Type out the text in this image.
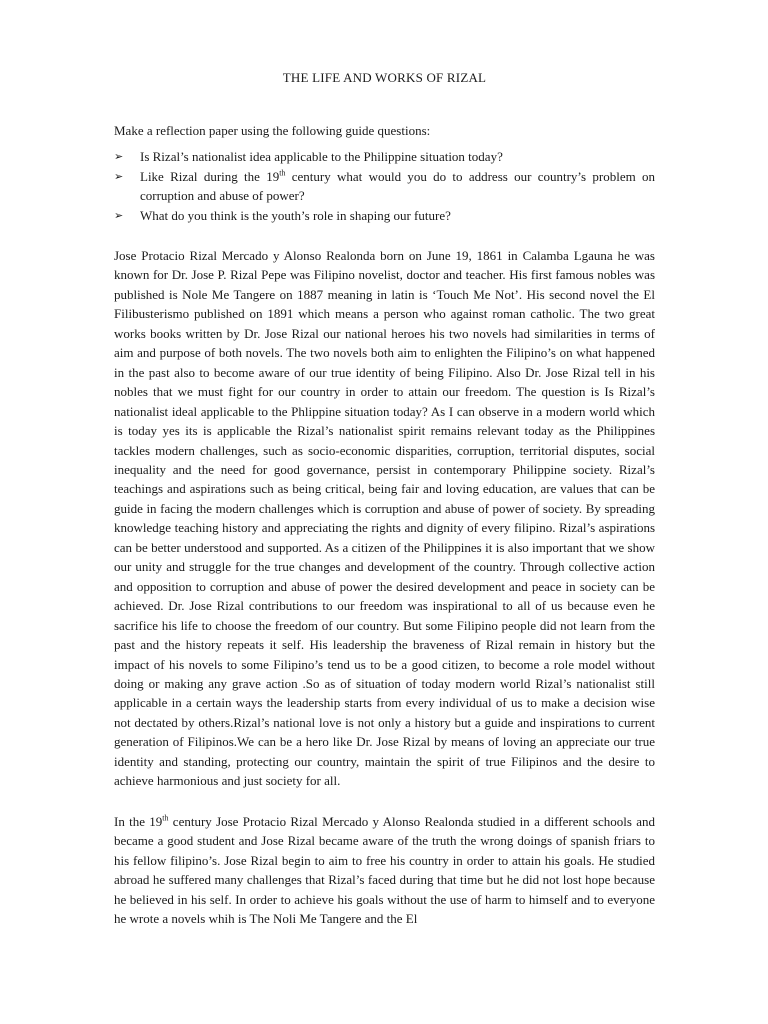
THE LIFE AND WORKS OF RIZAL

Make a reflection paper using the following guide questions:

➢ Is Rizal’s nationalist idea applicable to the Philippine situation today?
➢ Like Rizal during the 19th century what would you do to address our country’s problem on corruption and abuse of power?
➢ What do you think is the youth’s role in shaping our future?

Jose Protacio Rizal Mercado y Alonso Realonda born on June 19, 1861 in Calamba Lgauna he was known for Dr. Jose P. Rizal Pepe was Filipino novelist, doctor and teacher. His first famous nobles was published is Nole Me Tangere on 1887 meaning in latin is ‘Touch Me Not’. His second novel the El Filibusterismo published on 1891 which means a person who against roman catholic. The two great works books written by Dr. Jose Rizal our national heroes his two novels had similarities in terms of aim and purpose of both novels. The two novels both aim to enlighten the Filipino’s on what happened in the past also to become aware of our true identity of being Filipino. Also Dr. Jose Rizal tell in his nobles that we must fight for our country in order to attain our freedom. The question is Is Rizal’s nationalist ideal applicable to the Phlippine situation today? As I can observe in a modern world which is today yes its is applicable the Rizal’s nationalist spirit remains relevant today as the Philippines tackles modern challenges, such as socio-economic disparities, corruption, territorial disputes, social inequality and the need for good governance, persist in contemporary Philippine society. Rizal’s teachings and aspirations such as being critical, being fair and loving education, are values that can be guide in facing the modern challenges which is corruption and abuse of power of society. By spreading knowledge teaching history and appreciating the rights and dignity of every filipino. Rizal’s aspirations can be better understood and supported. As a citizen of the Philippines it is also important that we show our unity and struggle for the true changes and development of the country. Through collective action and opposition to corruption and abuse of power the desired development and peace in society can be achieved. Dr. Jose Rizal contributions to our freedom was inspirational to all of us because even he sacrifice his life to choose the freedom of our country. But some Filipino people did not learn from the past and the history repeats it self. His leadership the braveness of Rizal remain in history but the impact of his novels to some Filipino’s tend us to be a good citizen, to become a role model without doing or making any grave action .So as of situation of today modern world Rizal’s nationalist still applicable in a certain ways the leadership starts from every individual of us to make a decision wise not dectated by others.Rizal’s national love is not only a history but a guide and inspirations to current generation of Filipinos.We can be a hero like Dr. Jose Rizal by means of loving an appreciate our true identity and standing, protecting our country, maintain the spirit of true Filipinos and the desire to achieve harmonious and just society for all.

In the 19th century Jose Protacio Rizal Mercado y Alonso Realonda studied in a different schools and became a good student and Jose Rizal became aware of the truth the wrong doings of spanish friars to his fellow filipino’s. Jose Rizal begin to aim to free his country in order to attain his goals. He studied abroad he suffered many challenges that Rizal’s faced during that time but he did not lost hope because he believed in his self. In order to achieve his goals without the use of harm to himself and to everyone he wrote a novels whih is The Noli Me Tangere and the El
